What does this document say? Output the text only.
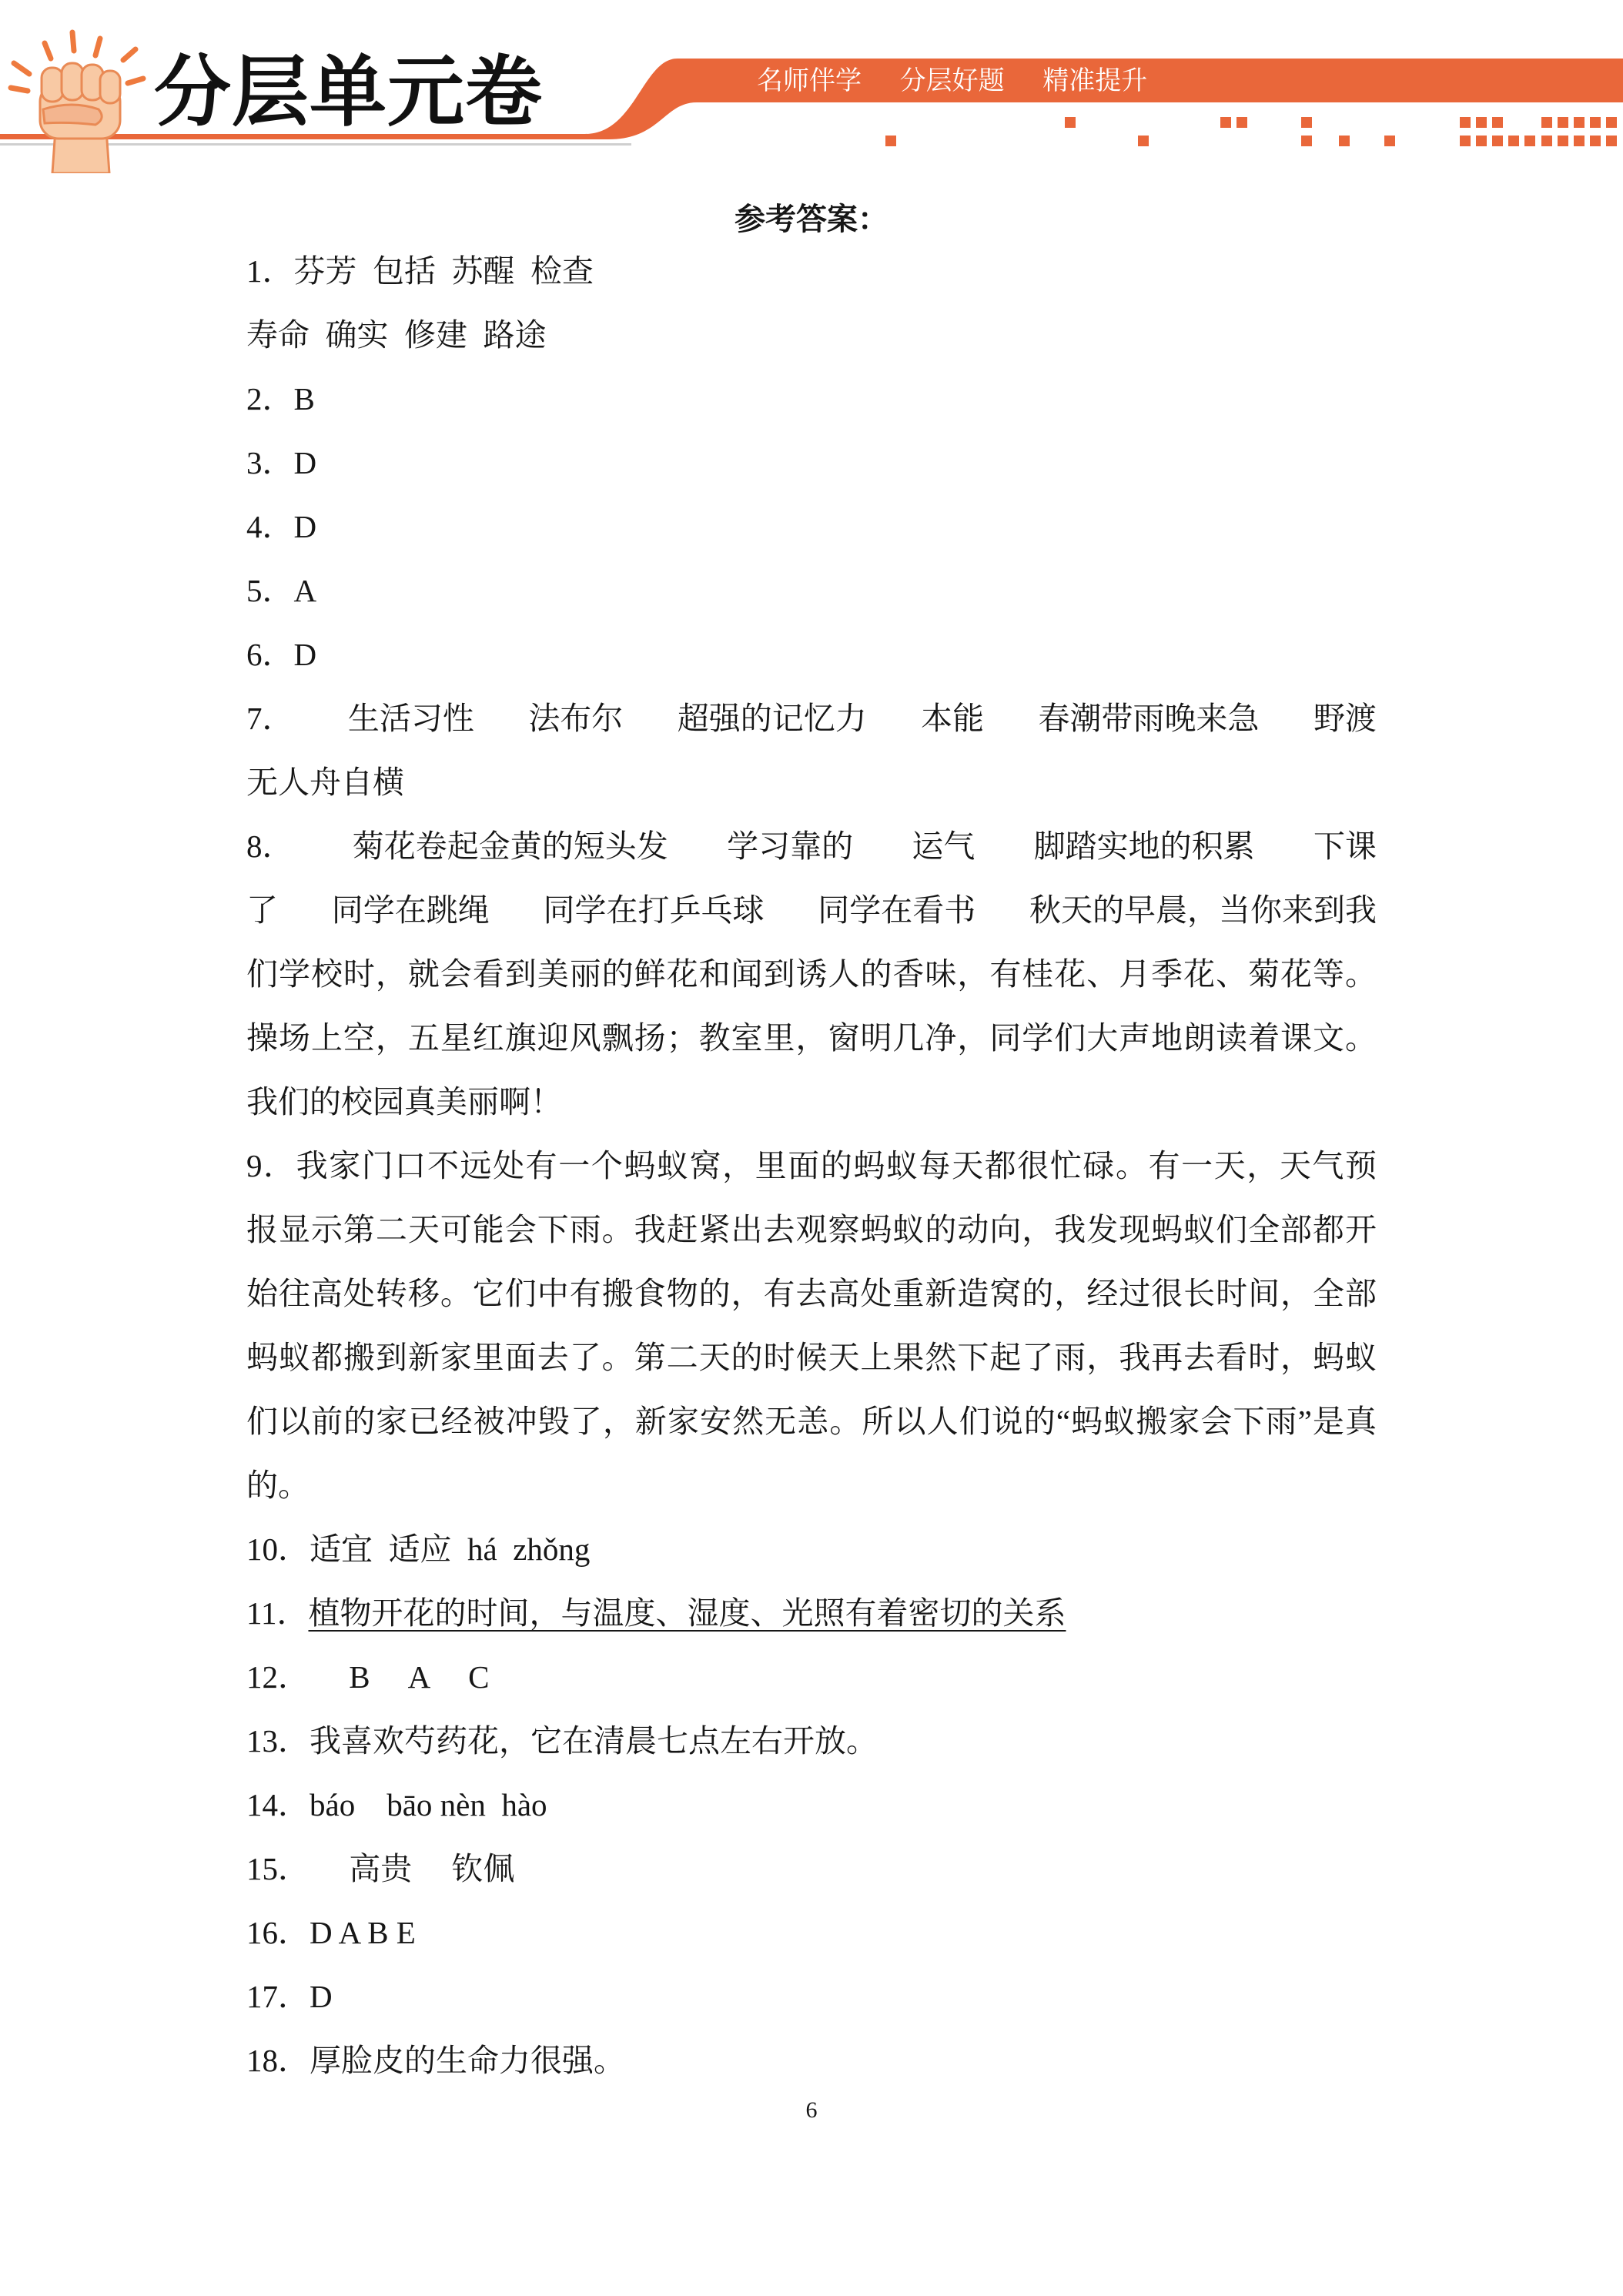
分层单元卷	名师伴学  分层好题  精准提升
参考答案：
1．芬芳  包括  苏醒  检查
寿命  确实  修建  路途
2．B
3．D
4．D
5．A
6．D
7． 生活习性 法布尔 超强的记忆力 本能 春潮带雨晚来急 野渡
无人舟自横
8． 菊花卷起金黄的短头发 学习靠的 运气 脚踏实地的积累 下课
了 同学在跳绳 同学在打乒乓球 同学在看书 秋天的早晨，当你来到我
们学校时，就会看到美丽的鲜花和闻到诱人的香味，有桂花、月季花、菊花等。
操场上空，五星红旗迎风飘扬；教室里，窗明几净，同学们大声地朗读着课文。
我们的校园真美丽啊！
9．我家门口不远处有一个蚂蚁窝，里面的蚂蚁每天都很忙碌。有一天，天气预
报显示第二天可能会下雨。我赶紧出去观察蚂蚁的动向，我发现蚂蚁们全部都开
始往高处转移。它们中有搬食物的，有去高处重新造窝的，经过很长时间，全部
蚂蚁都搬到新家里面去了。第二天的时候天上果然下起了雨，我再去看时，蚂蚁
们以前的家已经被冲毁了，新家安然无恙。所以人们说的“蚂蚁搬家会下雨”是真
的。
10．适宜  适应  há  zhǒng
11．植物开花的时间，与温度、湿度、光照有着密切的关系
12．     B     A     C
13．我喜欢芍药花，它在清晨七点左右开放。
14．báo    bāo nèn  hào
15．     高贵     钦佩
16．D A B E
17．D
18．厚脸皮的生命力很强。
6
